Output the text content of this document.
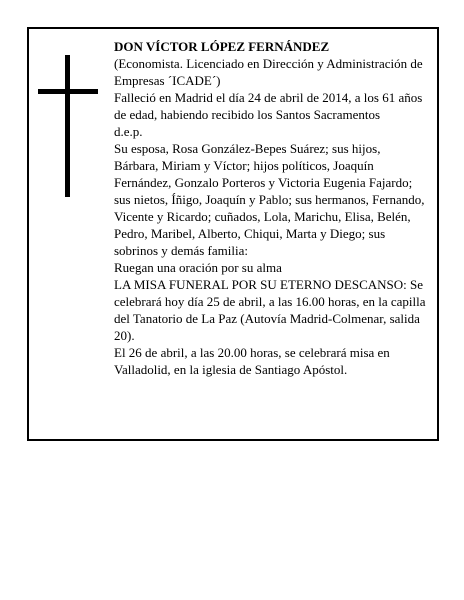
DON VÍCTOR LÓPEZ FERNÁNDEZ

(Economista. Licenciado en Dirección y Administración de Empresas ´ICADE´)

Falleció en Madrid el día 24 de abril de 2014, a los 61 años de edad, habiendo recibido los Santos Sacramentos

d.e.p.

Su esposa, Rosa González-Bepes Suárez; sus hijos, Bárbara, Miriam y Víctor; hijos políticos, Joaquín Fernández, Gonzalo Porteros y Victoria Eugenia Fajardo; sus nietos, Íñigo, Joaquín y Pablo; sus hermanos, Fernando, Vicente y Ricardo; cuñados, Lola, Marichu, Elisa, Belén, Pedro, Maribel, Alberto, Chiqui, Marta y Diego; sus sobrinos y demás familia:

Ruegan una oración por su alma

LA MISA FUNERAL POR SU ETERNO DESCANSO: Se celebrará hoy día 25 de abril, a las 16.00 horas, en la capilla del Tanatorio de La Paz (Autovía Madrid-Colmenar, salida 20).

El 26 de abril, a las 20.00 horas, se celebrará misa en Valladolid, en la iglesia de Santiago Apóstol.
